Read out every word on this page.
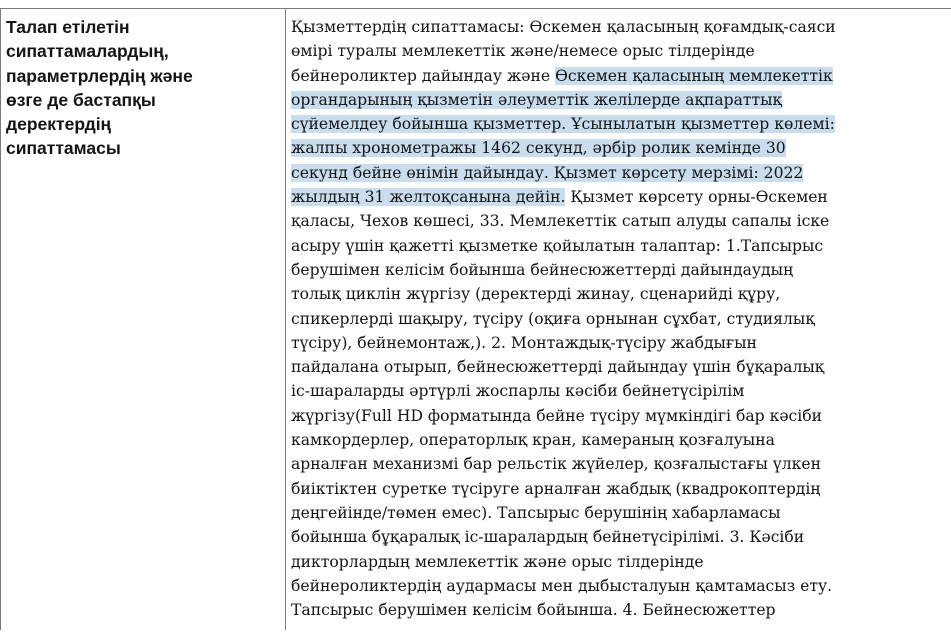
Талап етілетін
сипаттамалардың,
параметрлердің және
өзге де бастапқы
деректердің
сипаттамасы

Қызметтердің сипаттамасы: Өскемен қаласының қоғамдық-саяси
өмірі туралы мемлекеттік және/немесе орыс тілдерінде
бейнероликтер дайындау және Өскемен қаласының мемлекеттік
органдарының қызметін әлеуметтік желілерде ақпараттық
сүйемелдеу бойынша қызметтер. Ұсынылатын қызметтер көлемі:
жалпы хронометражы 1462 секунд, әрбір ролик кемінде 30
секунд бейне өнімін дайындау. Қызмет көрсету мерзімі: 2022
жылдың 31 желтоқсанына дейін. Қызмет көрсету орны-Өскемен
қаласы, Чехов көшесі, 33. Мемлекеттік сатып алуды сапалы іске
асыру үшін қажетті қызметке қойылатын талаптар: 1.Тапсырыс
берушімен келісім бойынша бейнесюжеттерді дайындаудың
толық циклін жүргізу (деректерді жинау, сценарийді құру,
спикерлерді шақыру, түсіру (оқиға орнынан сұхбат, студиялық
түсіру), бейнемонтаж,). 2. Монтаждық-түсіру жабдығын
пайдалана отырып, бейнесюжеттерді дайындау үшін бұқаралық
іс-шараларды әртүрлі жоспарлы кәсіби бейнетүсірілім
жүргізу(Full HD форматында бейне түсіру мүмкіндігі бар кәсіби
камкордерлер, операторлық кран, камераның қозғалуына
арналған механизмі бар рельстік жүйелер, қозғалыстағы үлкен
биіктіктен суретке түсіруге арналған жабдық (квадрокоптердің
деңгейінде/төмен емес). Тапсырыс берушінің хабарламасы
бойынша бұқаралық іс-шаралардың бейнетүсірілімі. 3. Кәсіби
дикторлардың мемлекеттік және орыс тілдерінде
бейнероликтердің аудармасы мен дыбысталуын қамтамасыз ету.
Тапсырыс берушімен келісім бойынша. 4. Бейнесюжеттер
